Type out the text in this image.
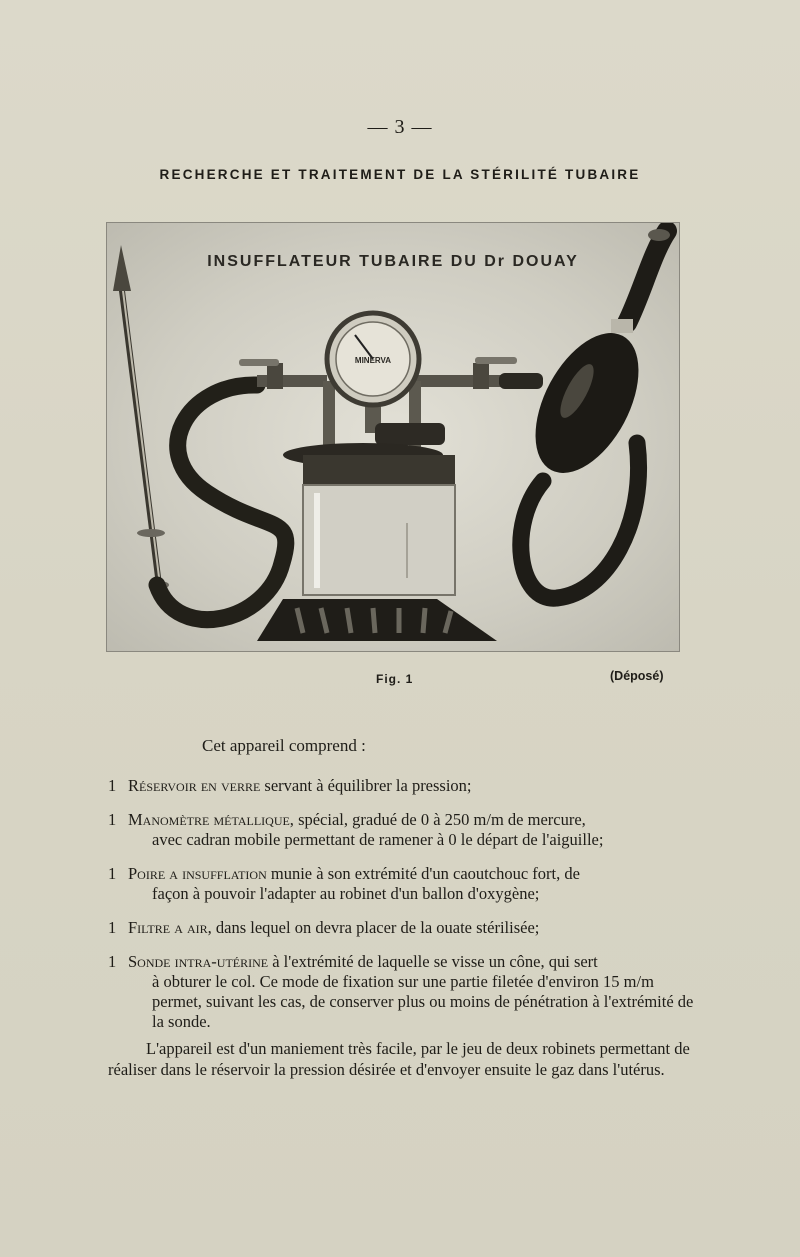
— 3 —
RECHERCHE ET TRAITEMENT DE LA STÉRILITÉ TUBAIRE
MINERVA
INSUFFLATEUR TUBAIRE DU Dr DOUAY
Fig. 1	(Déposé)
Cet appareil comprend :
1 Réservoir en verre servant à équilibrer la pression;
1 Manomètre métallique, spécial, gradué de 0 à 250 m/m de mercure,
avec cadran mobile permettant de ramener à 0 le départ de l'aiguille;
1 Poire a insufflation munie à son extrémité d'un caoutchouc fort, de
façon à pouvoir l'adapter au robinet d'un ballon d'oxygène;
1 Filtre a air, dans lequel on devra placer de la ouate stérilisée;
1 Sonde intra-utérine à l'extrémité de laquelle se visse un cône, qui sert
à obturer le col. Ce mode de fixation sur une partie filetée d'environ 15 m/m permet, suivant les cas, de conserver plus ou moins de pénétration à l'extrémité de la sonde.
L'appareil est d'un maniement très facile, par le jeu de deux robinets permettant de réaliser dans le réservoir la pression désirée et d'envoyer ensuite le gaz dans l'utérus.
